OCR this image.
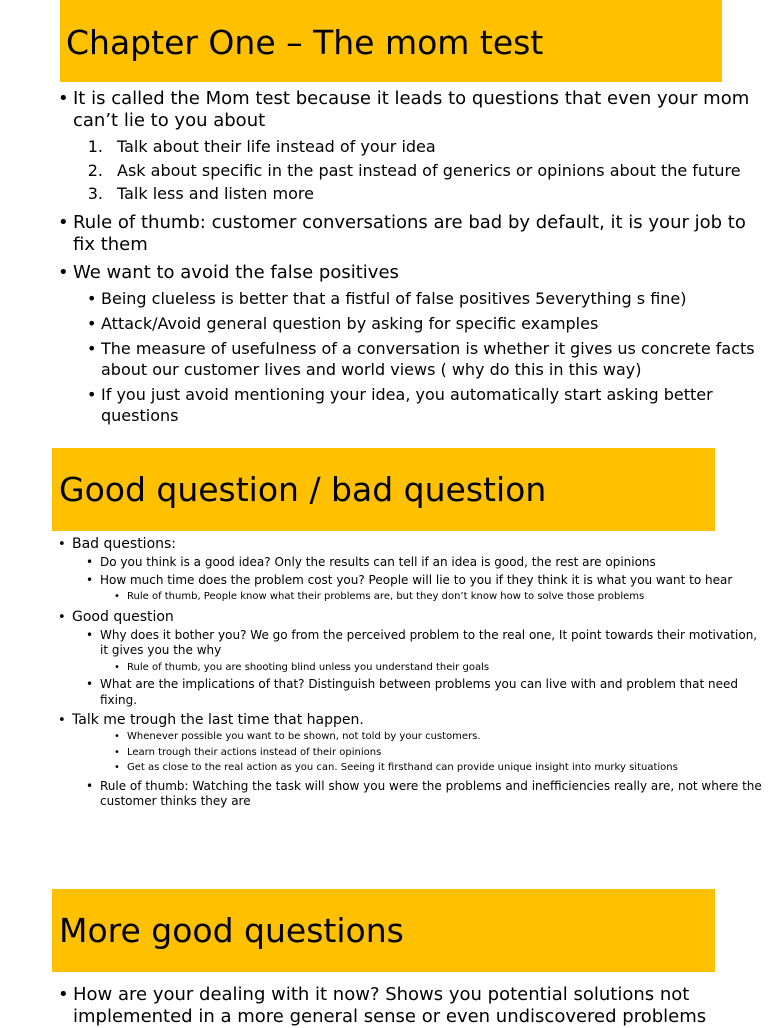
Chapter One – The mom test
• It is called the Mom test because it leads to questions that even your mom can’t lie to you about
1. Talk about their life instead of your idea
2. Ask about specific in the past instead of generics or opinions about the future
3. Talk less and listen more
• Rule of thumb: customer conversations are bad by default, it is your job to fix them
• We want to avoid the false positives
• Being clueless is better that a fistful of false positives 5everything s fine)
• Attack/Avoid general question by asking for specific examples
• The measure of usefulness of a conversation is whether it gives us concrete facts about our customer lives and world views ( why do this in this way)
• If you just avoid mentioning your idea, you automatically start asking better questions
Good question / bad question
• Bad questions:
• Do you think is a good idea? Only the results can tell if an idea is good, the rest are opinions
• How much time does the problem cost you? People will lie to you if they think it is what you want to hear
• Rule of thumb, People know what their problems are, but they don’t know how to solve those problems
• Good question
• Why does it bother you? We go from the perceived problem to the real one, It point towards their motivation, it gives you the why
• Rule of thumb, you are shooting blind unless you understand their goals
• What are the implications of that? Distinguish between problems you can live with and problem that need fixing.
• Talk me trough the last time that happen.
• Whenever possible you want to be shown, not told by your customers.
• Learn trough their actions instead of their opinions
• Get as close to the real action as you can. Seeing it firsthand can provide unique insight into murky situations
• Rule of thumb: Watching the task will show you were the problems and inefficiencies really are, not where the customer thinks they are
More good questions
• How are your dealing with it now? Shows you potential solutions not implemented in a more general sense or even undiscovered problems
